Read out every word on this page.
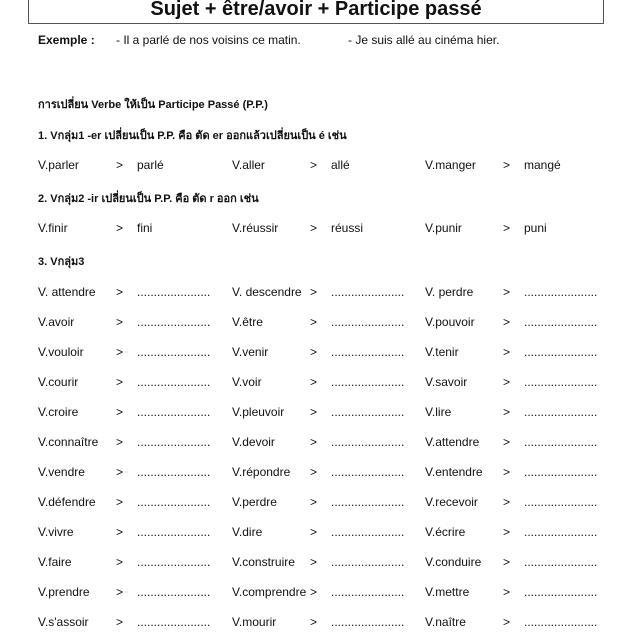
Sujet + être/avoir + Participe passé
Exemple : - Il a parlé de nos voisins ce matin.	- Je suis allé au cinéma hier.
การเปลี่ยน Verbe ให้เป็น Participe Passé (P.P.)
1. Vกลุ่ม1 -er เปลี่ยนเป็น P.P. คือ ตัด er ออกแล้วเปลี่ยนเป็น é เช่น
V.parler	> parlé	V.aller	> allé	V.manger > mangé
2. Vกลุ่ม2 -ir เปลี่ยนเป็น P.P. คือ ตัด r ออก เช่น
V.finir	> fini	V.réussir	> réussi	V.punir	> puni
3. Vกลุ่ม3
V. attendre > ...................... V. descendre > ...................... V. perdre > ......................
V.avoir	> ...................... V.être	> ...................... V.pouvoir > ......................
V.vouloir	> ...................... V.venir	> ...................... V.tenir	> ......................
V.courir	> ...................... V.voir	> ...................... V.savoir	> ......................
V.croire	> ...................... V.pleuvoir > ...................... V.lire	> ......................
V.connaître > ...................... V.devoir	> ...................... V.attendre > ......................
V.vendre	> ...................... V.répondre > ...................... V.entendre > ......................
V.défendre > ...................... V.perdre	> ...................... V.recevoir > ......................
V.vivre	> ...................... V.dire	> ...................... V.écrire	> ......................
V.faire	> ...................... V.construire > ...................... V.conduire > ......................
V.prendre > ...................... V.comprendre > ...................... V.mettre	> ......................
V.s'assoir > ...................... V.mourir	> ...................... V.naître	> ......................
